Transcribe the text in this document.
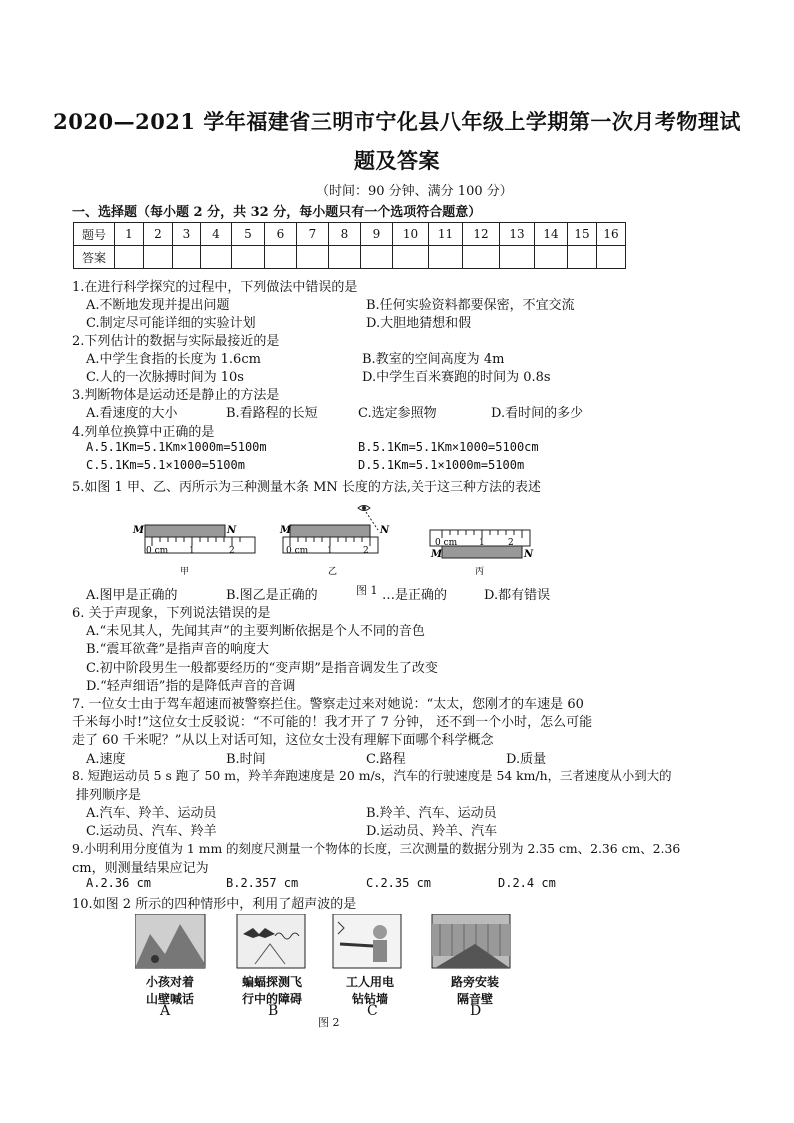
2020—2021 学年福建省三明市宁化县八年级上学期第一次月考物理试
题及答案
（时间：90 分钟、满分 100 分）
一、选择题（每小题 2 分，共 32 分，每小题只有一个选项符合题意）
题号	1	2	3	4	5	6	7	8	9	10	11	12	13	14	15	16
答案																
1.在进行科学探究的过程中，下列做法中错误的是
A.不断地发现并提出问题	B.任何实验资料都要保密，不宜交流
C.制定尽可能详细的实验计划	D.大胆地猜想和假
2.下列估计的数据与实际最接近的是
A.中学生食指的长度为 1.6cm	B.教室的空间高度为 4m
C.人的一次脉搏时间为 10s	D.中学生百米赛跑的时间为 0.8s
3.判断物体是运动还是静止的方法是
A.看速度的大小	B.看路程的长短	C.选定参照物	D.看时间的多少
4.列单位换算中正确的是
A.5.1Km=5.1Km×1000m=5100m	B.5.1Km=5.1Km×1000=5100cm
C.5.1Km=5.1×1000=5100m	D.5.1Km=5.1×1000m=5100m
5.如图 1 甲、乙、丙所示为三种测量木条 MN 长度的方法,关于这三种方法的表述
M	N
0 cm 1	2
甲
M	N
0 cm 1	2
乙
0 cm 1	2
M	N
丙
A.图甲是正确的	B.图乙是正确的	图 1 …是正确的	D.都有错误
6. 关于声现象，下列说法错误的是
A.“未见其人，先闻其声”的主要判断依据是个人不同的音色
B.“震耳欲聋”是指声音的响度大
C.初中阶段男生一般都要经历的“变声期”是指音调发生了改变
D.“轻声细语”指的是降低声音的音调
7. 一位女士由于驾车超速而被警察拦住。警察走过来对她说：“太太，您刚才的车速是 60
千米每小时!”这位女士反驳说：“不可能的！我才开了 7 分钟， 还不到一个小时，怎么可能
走了 60 千米呢？”从以上对话可知，这位女士没有理解下面哪个科学概念
A.速度	B.时间	C.路程	D.质量
8. 短跑运动员 5 s 跑了 50 m，羚羊奔跑速度是 20 m/s，汽车的行驶速度是 54 km/h，三者速度从小到大的
排列顺序是
A.汽车、羚羊、运动员	B.羚羊、汽车、运动员
C.运动员、汽车、羚羊	D.运动员、羚羊、汽车
9.小明利用分度值为 1 mm 的刻度尺测量一个物体的长度，三次测量的数据分别为 2.35 cm、2.36 cm、2.36
cm，则测量结果应记为
A.2.36 cm	B.2.357 cm	C.2.35 cm	D.2.4 cm
10.如图 2 所示的四种情形中，利用了超声波的是
小孩对着
山壁喊话
A
蝙蝠探测飞
行中的障碍
B
工人用电
钻钻墙
C
路旁安装
隔音壁
D
图 2
